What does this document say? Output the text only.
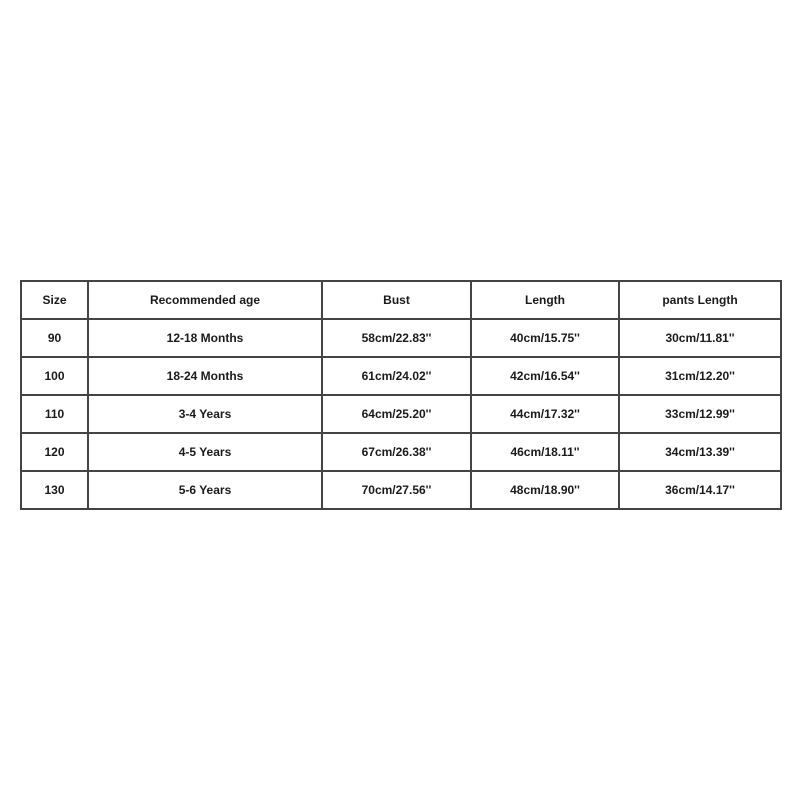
Size	Recommended age	Bust	Length	pants Length
90	12-18 Months	58cm/22.83''	40cm/15.75''	30cm/11.81''
100	18-24 Months	61cm/24.02''	42cm/16.54''	31cm/12.20''
110	3-4 Years	64cm/25.20''	44cm/17.32''	33cm/12.99''
120	4-5 Years	67cm/26.38''	46cm/18.11''	34cm/13.39''
130	5-6 Years	70cm/27.56''	48cm/18.90''	36cm/14.17''
